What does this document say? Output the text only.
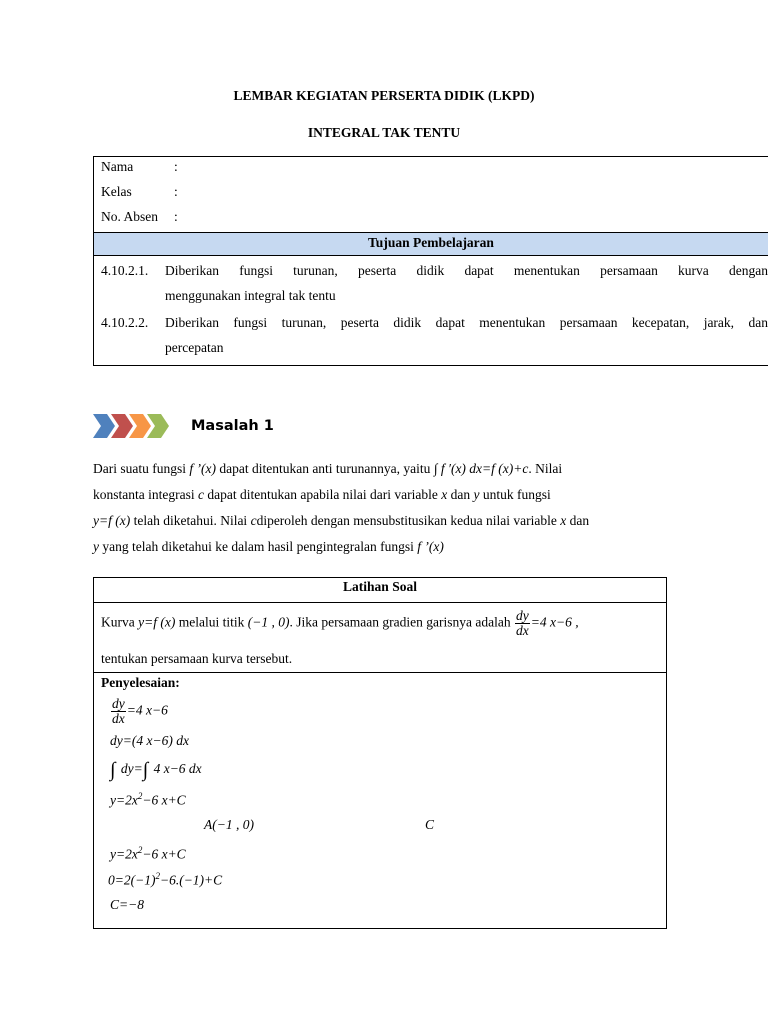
LEMBAR KEGIATAN PERSERTA DIDIK (LKPD)
INTEGRAL TAK TENTU
Nama	:
Kelas	:
No. Absen :
Tujuan Pembelajaran
4.10.2.1. Diberikan fungsi turunan, peserta didik dapat menentukan persamaan kurva dengan
menggunakan integral tak tentu
4.10.2.2. Diberikan fungsi turunan, peserta didik dapat menentukan persamaan kecepatan, jarak, dan
percepatan
Masalah 1
Dari suatu fungsi f ’(x) dapat ditentukan anti turunannya, yaitu ∫ f ′(x) dx=f (x)+c. Nilai
konstanta integrasi c dapat ditentukan apabila nilai dari variable x dan y untuk fungsi
y=f (x) telah diketahui. Nilai cdiperoleh dengan mensubstitusikan kedua nilai variable x dan
y yang telah diketahui ke dalam hasil pengintegralan fungsi f ’(x)
Latihan Soal
Kurva y=f (x) melalui titik (−1 , 0). Jika persamaan gradien garisnya adalah $\frac{dy}{dx} =4$ x−6 ,
tentukan persamaan kurva tersebut.
Penyelesaian:
$\frac{dy}{dx} =4$ x−6
dy=(4 x−6) dx
∫ dy=∫ 4 x−6 dx
$y=2x^2-6$ x+C
A(−1 , 0)	C
$y=2x^2-6$ x+C
$0=2(-1)^2-6.(-1)+C$
C=−8
